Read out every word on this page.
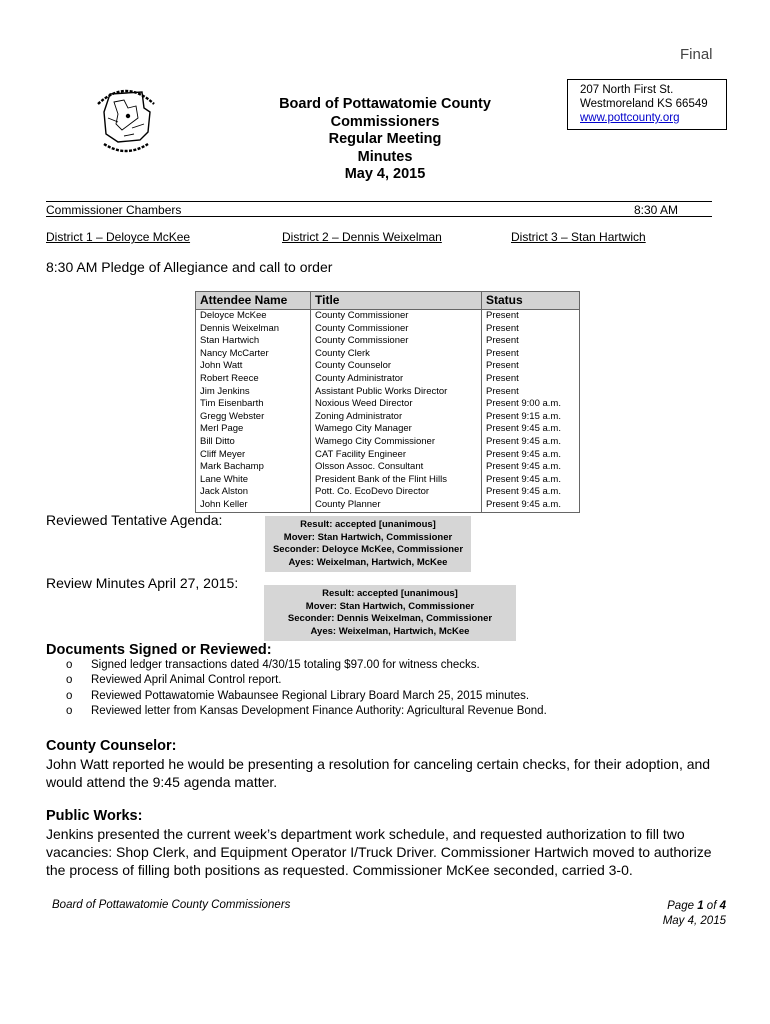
Final
Board of Pottawatomie County
Commissioners
Regular Meeting
Minutes
May 4, 2015
207 North First St.
Westmoreland KS 66549
www.pottcounty.org
Commissioner Chambers	8:30 AM
District 1 – Deloyce McKee	District 2 – Dennis Weixelman	District 3 – Stan Hartwich
8:30 AM Pledge of Allegiance and call to order
Attendee Name	Title	Status
Deloyce McKee	County Commissioner	Present
Dennis Weixelman	County Commissioner	Present
Stan Hartwich	County Commissioner	Present
Nancy McCarter	County Clerk	Present
John Watt	County Counselor	Present
Robert Reece	County Administrator	Present
Jim Jenkins	Assistant Public Works Director	Present
Tim Eisenbarth	Noxious Weed Director	Present 9:00 a.m.
Gregg Webster	Zoning Administrator	Present 9:15 a.m.
Merl Page	Wamego City Manager	Present 9:45 a.m.
Bill Ditto	Wamego City Commissioner	Present 9:45 a.m.
Cliff Meyer	CAT Facility Engineer	Present 9:45 a.m.
Mark Bachamp	Olsson Assoc. Consultant	Present 9:45 a.m.
Lane White	President Bank of the Flint Hills	Present 9:45 a.m.
Jack Alston	Pott. Co. EcoDevo Director	Present 9:45 a.m.
John Keller	County Planner	Present 9:45 a.m.
Reviewed Tentative Agenda:	Result: accepted [unanimous]
Mover: Stan Hartwich, Commissioner
Seconder: Deloyce McKee, Commissioner
Ayes: Weixelman, Hartwich, McKee
Review Minutes April 27, 2015:
Result: accepted [unanimous]
Mover: Stan Hartwich, Commissioner
Seconder: Dennis Weixelman, Commissioner
Ayes: Weixelman, Hartwich, McKee
Documents Signed or Reviewed:
o Signed ledger transactions dated 4/30/15 totaling $97.00 for witness checks.
o Reviewed April Animal Control report.
o Reviewed Pottawatomie Wabaunsee Regional Library Board March 25, 2015 minutes.
o Reviewed letter from Kansas Development Finance Authority: Agricultural Revenue Bond.
County Counselor:

John Watt reported he would be presenting a resolution for canceling certain checks, for their adoption, and would attend the 9:45 agenda matter.

Public Works:

Jenkins presented the current week’s department work schedule, and requested authorization to fill two vacancies: Shop Clerk, and Equipment Operator I/Truck Driver. Commissioner Hartwich moved to authorize the process of filling both positions as requested. Commissioner McKee seconded, carried 3-0.

Board of Pottawatomie County Commissioners	Page 1 of 4
May 4, 2015
